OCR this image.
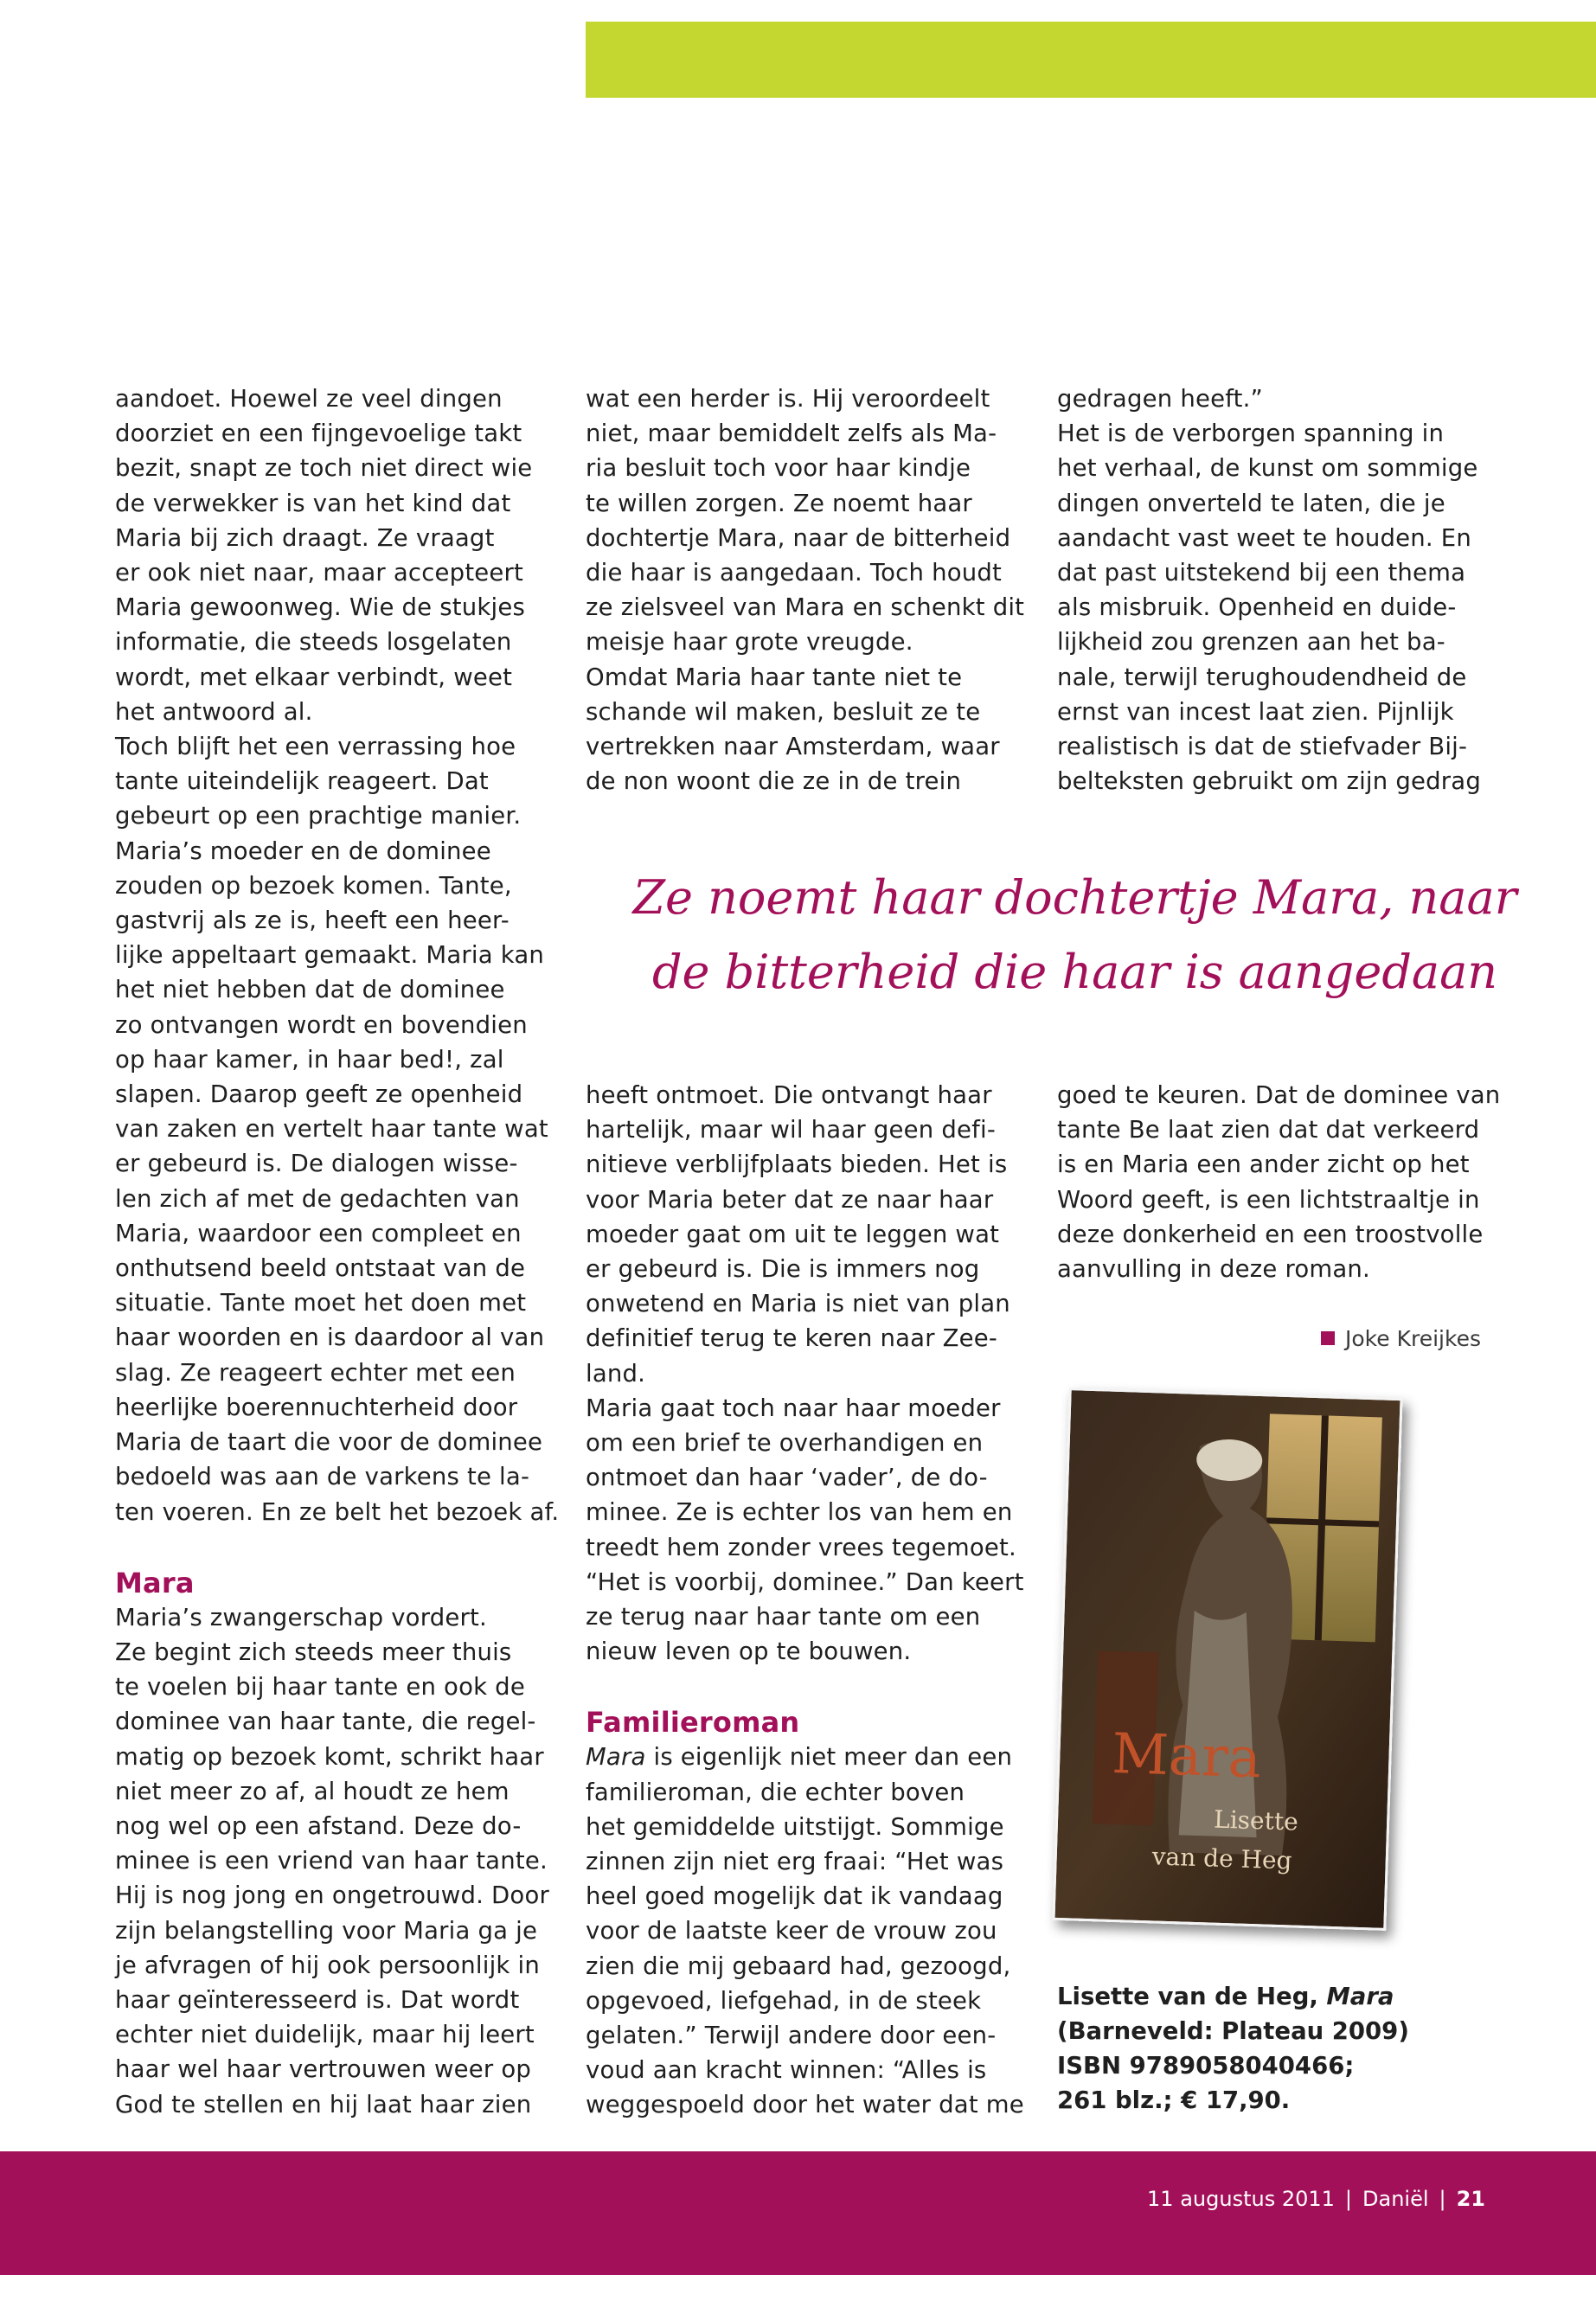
aandoet. Hoewel ze veel dingen
doorziet en een fijngevoelige takt
bezit, snapt ze toch niet direct wie
de verwekker is van het kind dat
Maria bij zich draagt. Ze vraagt
er ook niet naar, maar accepteert
Maria gewoonweg. Wie de stukjes
informatie, die steeds losgelaten
wordt, met elkaar verbindt, weet
het antwoord al.

Toch blijft het een verrassing hoe
tante uiteindelijk reageert. Dat
gebeurt op een prachtige manier.
Maria’s moeder en de dominee
zouden op bezoek komen. Tante,
gastvrij als ze is, heeft een heer-
lijke appeltaart gemaakt. Maria kan
het niet hebben dat de dominee
zo ontvangen wordt en bovendien
op haar kamer, in haar bed!, zal
slapen. Daarop geeft ze openheid
van zaken en vertelt haar tante wat
er gebeurd is. De dialogen wisse-
len zich af met de gedachten van
Maria, waardoor een compleet en
onthutsend beeld ontstaat van de
situatie. Tante moet het doen met
haar woorden en is daardoor al van
slag. Ze reageert echter met een
heerlijke boerennuchterheid door
Maria de taart die voor de dominee
bedoeld was aan de varkens te la-
ten voeren. En ze belt het bezoek af.

Mara

Maria’s zwangerschap vordert.
Ze begint zich steeds meer thuis
te voelen bij haar tante en ook de
dominee van haar tante, die regel-
matig op bezoek komt, schrikt haar
niet meer zo af, al houdt ze hem
nog wel op een afstand. Deze do-
minee is een vriend van haar tante.
Hij is nog jong en ongetrouwd. Door
zijn belangstelling voor Maria ga je
je afvragen of hij ook persoonlijk in
haar geïnteresseerd is. Dat wordt
echter niet duidelijk, maar hij leert
haar wel haar vertrouwen weer op
God te stellen en hij laat haar zien

wat een herder is. Hij veroordeelt
niet, maar bemiddelt zelfs als Ma-
ria besluit toch voor haar kindje
te willen zorgen. Ze noemt haar
dochtertje Mara, naar de bitterheid
die haar is aangedaan. Toch houdt
ze zielsveel van Mara en schenkt dit
meisje haar grote vreugde.

Omdat Maria haar tante niet te
schande wil maken, besluit ze te
vertrekken naar Amsterdam, waar
de non woont die ze in de trein

gedragen heeft.”

Het is de verborgen spanning in
het verhaal, de kunst om sommige
dingen onverteld te laten, die je
aandacht vast weet te houden. En
dat past uitstekend bij een thema
als misbruik. Openheid en duide-
lijkheid zou grenzen aan het ba-
nale, terwijl terughoudendheid de
ernst van incest laat zien. Pijnlijk
realistisch is dat de stiefvader Bij-
belteksten gebruikt om zijn gedrag

Ze noemt haar dochtertje Mara, naar
de bitterheid die haar is aangedaan

heeft ontmoet. Die ontvangt haar
hartelijk, maar wil haar geen defi-
nitieve verblijfplaats bieden. Het is
voor Maria beter dat ze naar haar
moeder gaat om uit te leggen wat
er gebeurd is. Die is immers nog
onwetend en Maria is niet van plan
definitief terug te keren naar Zee-
land.

Maria gaat toch naar haar moeder
om een brief te overhandigen en
ontmoet dan haar ‘vader’, de do-
minee. Ze is echter los van hem en
treedt hem zonder vrees tegemoet.
“Het is voorbij, dominee.” Dan keert
ze terug naar haar tante om een
nieuw leven op te bouwen.

Familieroman

Mara is eigenlijk niet meer dan een
familieroman, die echter boven
het gemiddelde uitstijgt. Sommige
zinnen zijn niet erg fraai: “Het was
heel goed mogelijk dat ik vandaag
voor de laatste keer de vrouw zou
zien die mij gebaard had, gezoogd,
opgevoed, liefgehad, in de steek
gelaten.” Terwijl andere door een-
voud aan kracht winnen: “Alles is
weggespoeld door het water dat me

goed te keuren. Dat de dominee van
tante Be laat zien dat dat verkeerd
is en Maria een ander zicht op het
Woord geeft, is een lichtstraaltje in
deze donkerheid en een troostvolle
aanvulling in deze roman.

Joke Kreijkes
Mara
Lisette
van de Heg
Lisette van de Heg, Mara
(Barneveld: Plateau 2009)
ISBN 9789058040466;
261 blz.; € 17,90.
11 augustus 2011 | Daniël | 21
